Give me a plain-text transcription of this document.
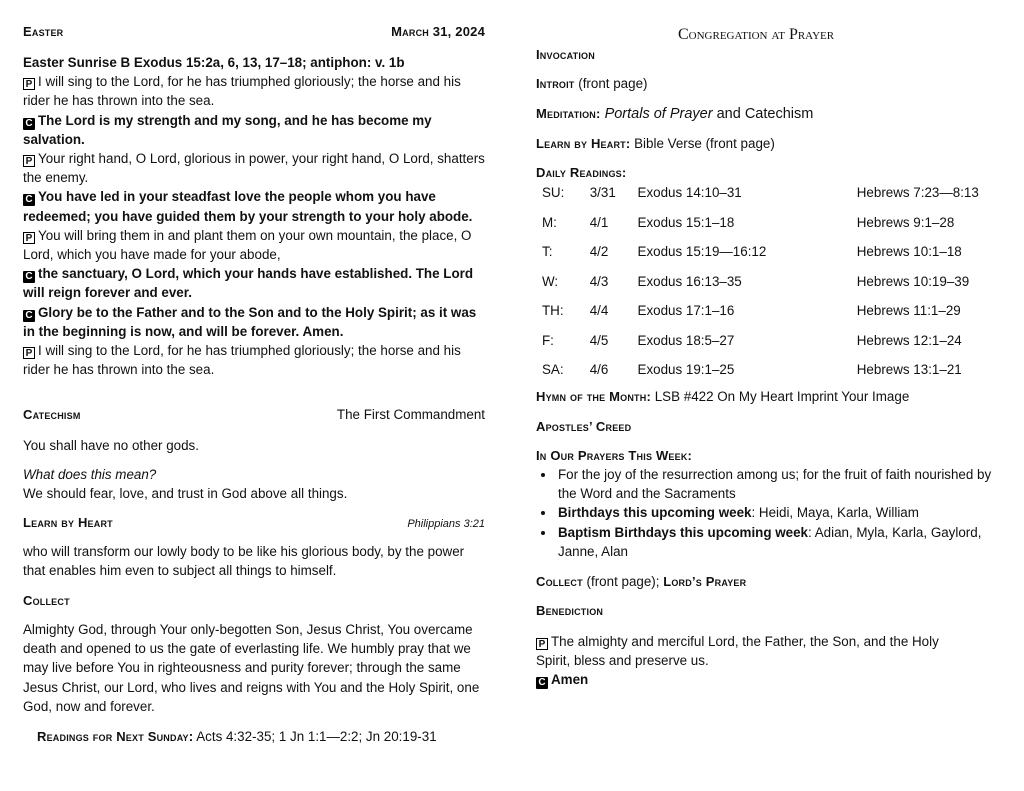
Easter	March 31, 2024
Easter Sunrise B Exodus 15:2a, 6, 13, 17–18; antiphon: v. 1b
P I will sing to the Lord, for he has triumphed gloriously; the horse and his rider he has thrown into the sea.
C The Lord is my strength and my song, and he has become my salvation.
P Your right hand, O Lord, glorious in power, your right hand, O Lord, shatters the enemy.
C You have led in your steadfast love the people whom you have redeemed; you have guided them by your strength to your holy abode.
P You will bring them in and plant them on your own mountain, the place, O Lord, which you have made for your abode,
C the sanctuary, O Lord, which your hands have established. The Lord will reign forever and ever.
C Glory be to the Father and to the Son and to the Holy Spirit; as it was in the beginning is now, and will be forever. Amen.
P I will sing to the Lord, for he has triumphed gloriously; the horse and his rider he has thrown into the sea.
Catechism	The First Commandment
You shall have no other gods.
What does this mean?
We should fear, love, and trust in God above all things.
Learn by Heart	Philippians 3:21
who will transform our lowly body to be like his glorious body, by the power that enables him even to subject all things to himself.
Collect
Almighty God, through Your only-begotten Son, Jesus Christ, You overcame death and opened to us the gate of everlasting life. We humbly pray that we may live before You in righteousness and purity forever; through the same Jesus Christ, our Lord, who lives and reigns with You and the Holy Spirit, one God, now and forever.
Readings for Next Sunday: Acts 4:32-35; 1 Jn 1:1—2:2; Jn 20:19-31
Congregation at Prayer
Invocation
Introit (front page)
Meditation: Portals of Prayer and Catechism
Learn by Heart: Bible Verse (front page)
Daily Readings:
SU:	3/31	Exodus 14:10–31	Hebrews 7:23—8:13
M:	4/1	Exodus 15:1–18	Hebrews 9:1–28
T:	4/2	Exodus 15:19—16:12	Hebrews 10:1–18
W:	4/3	Exodus 16:13–35	Hebrews 10:19–39
TH:	4/4	Exodus 17:1–16	Hebrews 11:1–29
F:	4/5	Exodus 18:5–27	Hebrews 12:1–24
SA:	4/6	Exodus 19:1–25	Hebrews 13:1–21
Hymn of the Month: LSB #422 On My Heart Imprint Your Image
Apostles’ Creed
In Our Prayers This Week:
• For the joy of the resurrection among us; for the fruit of faith nourished by the Word and the Sacraments
• Birthdays this upcoming week: Heidi, Maya, Karla, William
• Baptism Birthdays this upcoming week: Adian, Myla, Karla, Gaylord, Janne, Alan
Collect (front page); Lord’s Prayer
Benediction
P The almighty and merciful Lord, the Father, the Son, and the Holy Spirit, bless and preserve us.
C Amen
